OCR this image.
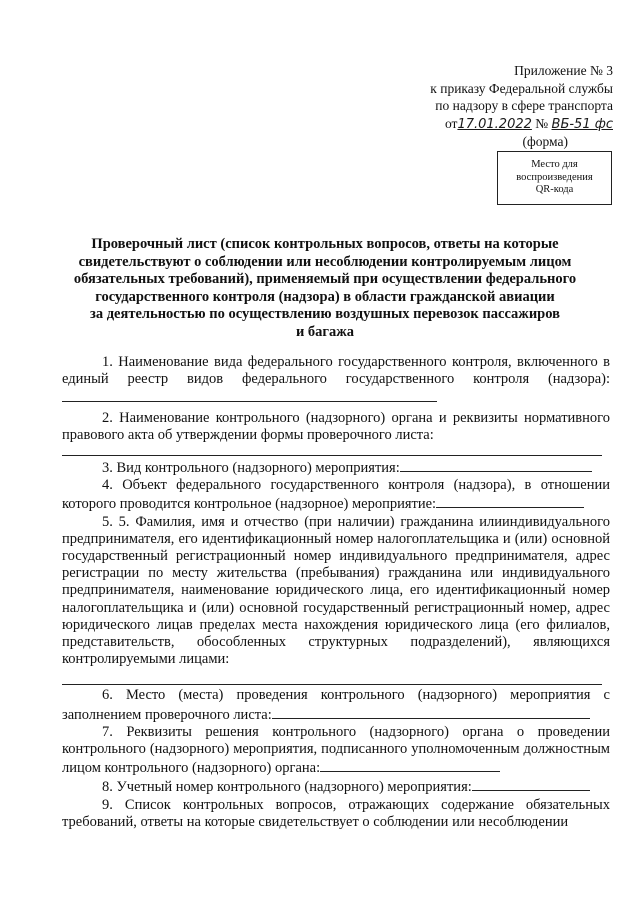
Приложение № 3
к приказу Федеральной службы
по надзору в сфере транспорта
от17.01.2022 № ВБ-51 фс
(форма)
Место для
воспроизведения
QR-кода
Проверочный лист (список контрольных вопросов, ответы на которые
свидетельствуют о соблюдении или несоблюдении контролируемым лицом
обязательных требований), применяемый при осуществлении федерального
государственного контроля (надзора) в области гражданской авиации
за деятельностью по осуществлению воздушных перевозок пассажиров
и багажа

1. Наименование вида федерального государственного контроля, включенного в единый реестр видов федерального государственного контроля (надзора):

2. Наименование контрольного (надзорного) органа и реквизиты нормативного правового акта об утверждении формы проверочного листа:

3. Вид контрольного (надзорного) мероприятия:

4. Объект федерального государственного контроля (надзора), в отношении которого проводится контрольное (надзорное) мероприятие:

5. 5. Фамилия, имя и отчество (при наличии) гражданина илииндивидуального предпринимателя, его идентификационный номер налогоплательщика и (или) основной государственный регистрационный номер индивидуального предпринимателя, адрес регистрации по месту жительства (пребывания) гражданина или индивидуального предпринимателя, наименование юридического лица, его идентификационный номер налогоплательщика и (или) основной государственный регистрационный номер, адрес юридического лицав пределах места нахождения юридического лица (его филиалов, представительств, обособленных структурных подразделений), являющихся контролируемыми лицами:

6. Место (места) проведения контрольного (надзорного) мероприятия с заполнением проверочного листа:

7. Реквизиты решения контрольного (надзорного) органа о проведении контрольного (надзорного) мероприятия, подписанного уполномоченным должностным лицом контрольного (надзорного) органа:

8. Учетный номер контрольного (надзорного) мероприятия:

9. Список контрольных вопросов, отражающих содержание обязательных требований, ответы на которые свидетельствует о соблюдении или несоблюдении
